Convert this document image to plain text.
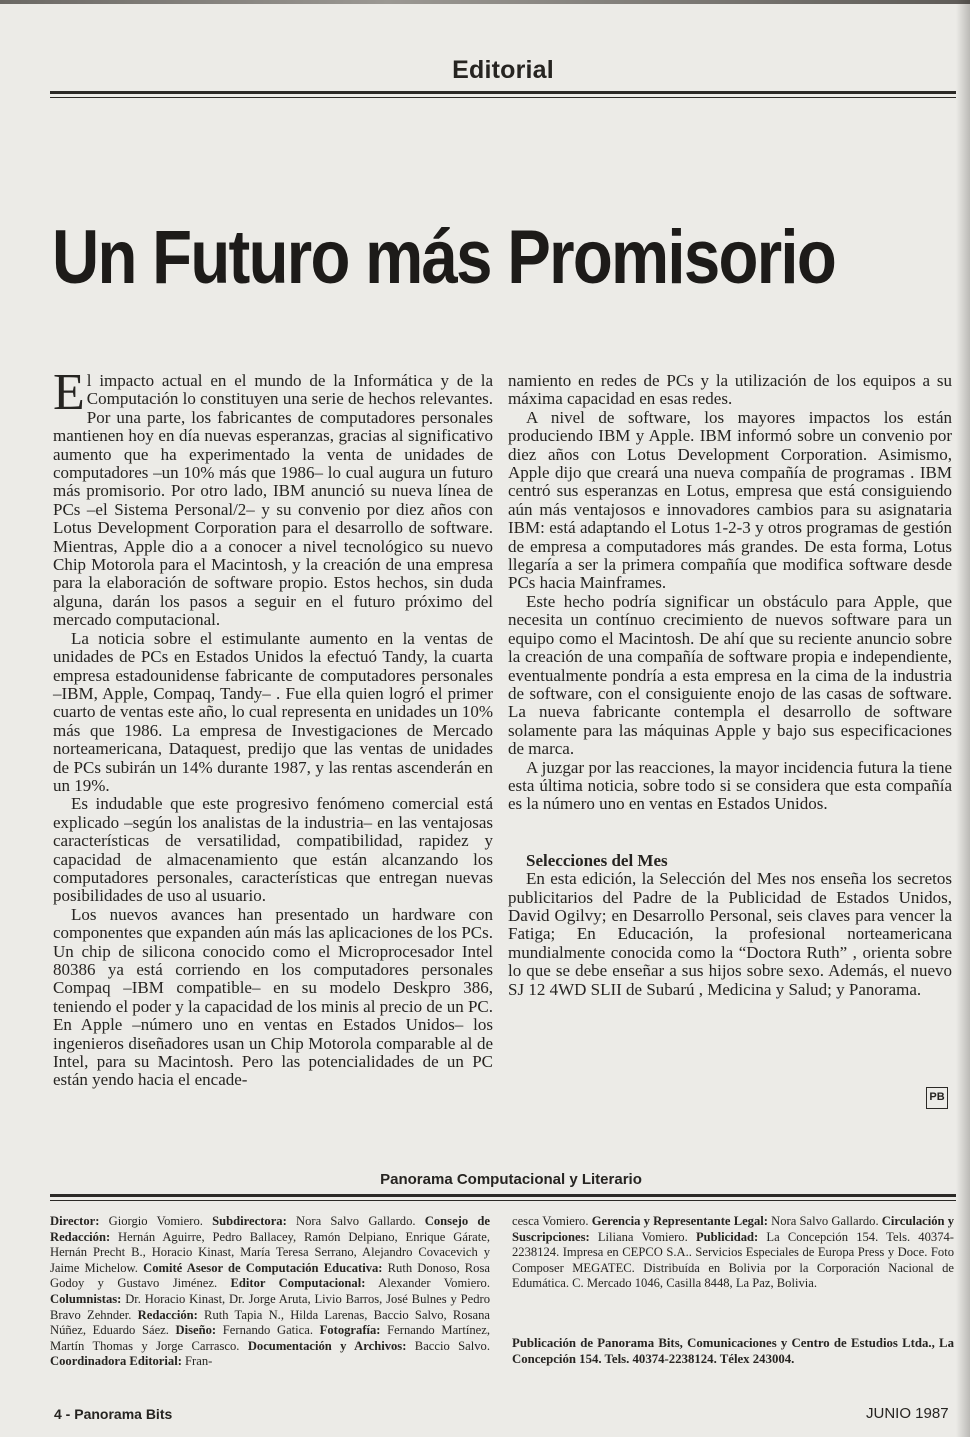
Editorial
Un Futuro más Promisorio

El impacto actual en el mundo de la Informática y de la Computación lo constituyen una serie de hechos relevantes. Por una parte, los fabricantes de computadores personales mantienen hoy en día nuevas esperanzas, gracias al significativo aumento que ha experimentado la venta de unidades de computadores –un 10% más que 1986– lo cual augura un futuro más promisorio. Por otro lado, IBM anunció su nueva línea de PCs –el Sistema Personal/2– y su convenio por diez años con Lotus Development Corporation para el desarrollo de software. Mientras, Apple dio a a conocer a nivel tecnológico su nuevo Chip Motorola para el Macintosh, y la creación de una empresa para la elaboración de software propio. Estos hechos, sin duda alguna, darán los pasos a seguir en el futuro próximo del mercado computacional.

La noticia sobre el estimulante aumento en la ventas de unidades de PCs en Estados Unidos la efectuó Tandy, la cuarta empresa estadounidense fabricante de computadores personales –IBM, Apple, Compaq, Tandy– . Fue ella quien logró el primer cuarto de ventas este año, lo cual representa en unidades un 10% más que 1986. La empresa de Investigaciones de Mercado norteamericana, Dataquest, predijo que las ventas de unidades de PCs subirán un 14% durante 1987, y las rentas ascenderán en un 19%.

Es indudable que este progresivo fenómeno comercial está explicado –según los analistas de la industria– en las ventajosas características de versatilidad, compatibilidad, rapidez y capacidad de almacenamiento que están alcanzando los computadores personales, características que entregan nuevas posibilidades de uso al usuario.

Los nuevos avances han presentado un hardware con componentes que expanden aún más las aplicaciones de los PCs. Un chip de silicona conocido como el Microprocesador Intel 80386 ya está corriendo en los computadores personales Compaq –IBM compatible– en su modelo Deskpro 386, teniendo el poder y la capacidad de los minis al precio de un PC. En Apple –número uno en ventas en Estados Unidos– los ingenieros diseñadores usan un Chip Motorola comparable al de Intel, para su Macintosh. Pero las potencialidades de un PC están yendo hacia el encade-

namiento en redes de PCs y la utilización de los equipos a su máxima capacidad en esas redes.

A nivel de software, los mayores impactos los están produciendo IBM y Apple. IBM informó sobre un convenio por diez años con Lotus Development Corporation. Asimismo, Apple dijo que creará una nueva compañía de programas . IBM centró sus esperanzas en Lotus, empresa que está consiguiendo aún más ventajosos e innovadores cambios para su asignataria IBM: está adaptando el Lotus 1-2-3 y otros programas de gestión de empresa a computadores más grandes. De esta forma, Lotus llegaría a ser la primera compañía que modifica software desde PCs hacia Mainframes.

Este hecho podría significar un obstáculo para Apple, que necesita un contínuo crecimiento de nuevos software para un equipo como el Macintosh. De ahí que su reciente anuncio sobre la creación de una compañía de software propia e independiente, eventualmente pondría a esta empresa en la cima de la industria de software, con el consiguiente enojo de las casas de software. La nueva fabricante contempla el desarrollo de software solamente para las máquinas Apple y bajo sus especificaciones de marca.

A juzgar por las reacciones, la mayor incidencia futura la tiene esta última noticia, sobre todo si se considera que esta compañía es la número uno en ventas en Estados Unidos.

Selecciones del Mes

En esta edición, la Selección del Mes nos enseña los secretos publicitarios del Padre de la Publicidad de Estados Unidos, David Ogilvy; en Desarrollo Personal, seis claves para vencer la Fatiga; En Educación, la profesional norteamericana mundialmente conocida como la “Doctora Ruth” , orienta sobre lo que se debe enseñar a sus hijos sobre sexo. Además, el nuevo SJ 12 4WD SLII de Subarú , Medicina y Salud; y Panorama.

PB
Panorama Computacional y Literario
Director: Giorgio Vomiero. Subdirectora: Nora Salvo Gallardo. Consejo de Redacción: Hernán Aguirre, Pedro Ballacey, Ramón Delpiano, Enrique Gárate, Hernán Precht B., Horacio Kinast, María Teresa Serrano, Alejandro Covacevich y Jaime Michelow. Comité Asesor de Computación Educativa: Ruth Donoso, Rosa Godoy y Gustavo Jiménez. Editor Computacional: Alexander Vomiero. Columnistas: Dr. Horacio Kinast, Dr. Jorge Aruta, Livio Barros, José Bulnes y Pedro Bravo Zehnder. Redacción: Ruth Tapia N., Hilda Larenas, Baccio Salvo, Rosana Núñez, Eduardo Sáez. Diseño: Fernando Gatica. Fotografía: Fernando Martínez, Martín Thomas y Jorge Carrasco. Documentación y Archivos: Baccio Salvo. Coordinadora Editorial: Fran-
cesca Vomiero. Gerencia y Representante Legal: Nora Salvo Gallardo. Circulación y Suscripciones: Liliana Vomiero. Publicidad: La Concepción 154. Tels. 40374-2238124. Impresa en CEPCO S.A.. Servicios Especiales de Europa Press y Doce. Foto Composer MEGATEC. Distribuída en Bolivia por la Corporación Nacional de Edumática. C. Mercado 1046, Casilla 8448, La Paz, Bolivia.
Publicación de Panorama Bits, Comunicaciones y Centro de Estudios Ltda., La Concepción 154. Tels. 40374-2238124. Télex 243004.
4 - Panorama Bits	JUNIO 1987
